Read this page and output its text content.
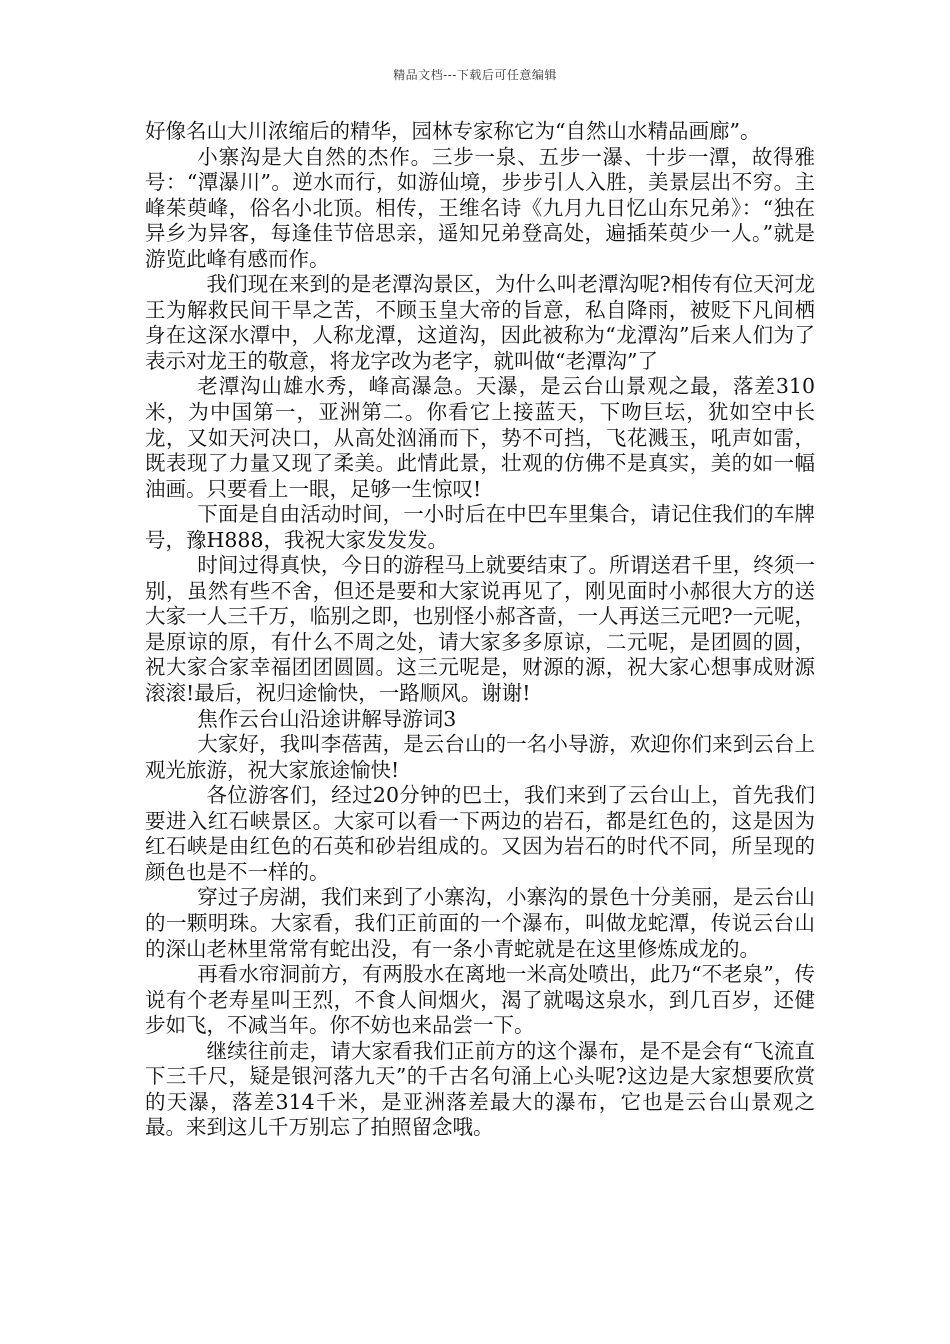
精品文档---下载后可任意编辑

好像名山大川浓缩后的精华，园林专家称它为“自然山水精品画廊”。

小寨沟是大自然的杰作。三步一泉、五步一瀑、十步一潭，故得雅号：“潭瀑川”。逆水而行，如游仙境，步步引人入胜，美景层出不穷。主峰茱萸峰，俗名小北顶。相传，王维名诗《九月九日忆山东兄弟》：“独在异乡为异客，每逢佳节倍思亲，遥知兄弟登高处，遍插茱萸少一人。”就是游览此峰有感而作。

我们现在来到的是老潭沟景区，为什么叫老潭沟呢?相传有位天河龙王为解救民间干旱之苦，不顾玉皇大帝的旨意，私自降雨，被贬下凡间栖身在这深水潭中，人称龙潭，这道沟，因此被称为“龙潭沟”后来人们为了表示对龙王的敬意，将龙字改为老字，就叫做“老潭沟”了

老潭沟山雄水秀，峰高瀑急。天瀑，是云台山景观之最，落差310米，为中国第一，亚洲第二。你看它上接蓝天，下吻巨坛，犹如空中长龙，又如天河决口，从高处汹涌而下，势不可挡，飞花溅玉，吼声如雷，既表现了力量又现了柔美。此情此景，壮观的仿佛不是真实，美的如一幅油画。只要看上一眼，足够一生惊叹!

下面是自由活动时间，一小时后在中巴车里集合，请记住我们的车牌号，豫H888，我祝大家发发发。

时间过得真快，今日的游程马上就要结束了。所谓送君千里，终须一别，虽然有些不舍，但还是要和大家说再见了，刚见面时小郝很大方的送大家一人三千万，临别之即，也别怪小郝吝啬，一人再送三元吧?一元呢，是原谅的原，有什么不周之处，请大家多多原谅，二元呢，是团圆的圆，祝大家合家幸福团团圆圆。这三元呢是，财源的源，祝大家心想事成财源滚滚!最后，祝归途愉快，一路顺风。谢谢!

焦作云台山沿途讲解导游词3

大家好，我叫李蓓茜，是云台山的一名小导游，欢迎你们来到云台上观光旅游，祝大家旅途愉快!

各位游客们，经过20分钟的巴士，我们来到了云台山上，首先我们要进入红石峡景区。大家可以看一下两边的岩石，都是红色的，这是因为红石峡是由红色的石英和砂岩组成的。又因为岩石的时代不同，所呈现的颜色也是不一样的。

穿过子房湖，我们来到了小寨沟，小寨沟的景色十分美丽，是云台山的一颗明珠。大家看，我们正前面的一个瀑布，叫做龙蛇潭，传说云台山的深山老林里常常有蛇出没，有一条小青蛇就是在这里修炼成龙的。

再看水帘洞前方，有两股水在离地一米高处喷出，此乃“不老泉”，传说有个老寿星叫王烈，不食人间烟火，渴了就喝这泉水，到几百岁，还健步如飞，不减当年。你不妨也来品尝一下。

继续往前走，请大家看我们正前方的这个瀑布，是不是会有“飞流直下三千尺，疑是银河落九天”的千古名句涌上心头呢?这边是大家想要欣赏的天瀑，落差314千米，是亚洲落差最大的瀑布，它也是云台山景观之最。来到这儿千万别忘了拍照留念哦。
